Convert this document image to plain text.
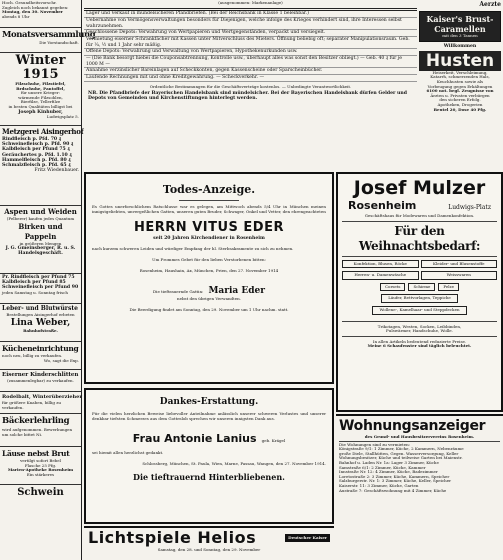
Hoch. Gesundheitsvorschr.
Zugleich noch bekannt gegeben:
Montag, den 30. November
abends 8 Uhr
Monatsversammlung
Die Vorstandschaft.
Winter 1915
Filzschuhe, Filzstiefel,
Brdschuhe, Pantoffel,
für unsere Krieger:
wärmende Filzsohlen,
Bierfilze, Tellerfilze
in besten Qualitäten billigst bei
Joseph Kinhuber,
Ludwigsplatz 5.
Metzgerei Aisingerhof
Rindfleisch p. Pfd. 70 ₰
Schweinefleisch p. Pfd. 90 ₰
Kalbfleisch per Pfund 75 ₰
Geräuchertes p. Pfd. 1.10 ₰
Hammelfleisch p. Pfd. 80 ₰
Schmalzfleisch p. Pfd. 65 ₰
Fritz Wiedenbauer.
Aspen und Weiden
(Felberer) kaufen jedes Quantum
Birken und Pappeln
in größeren Mengen
J. G. Gmeinsberger, R. u. S.
Handelsgeschäft.
Pr. Rindfleisch per Pfund 75
Kalbfleisch per Pfund 85
Schweinefleisch per Pfund 90
jeden Samstag u. Sonntag frisch
Leber- und Blutwürste
Bestellungen Aisingerhof erbeten
Lina Weber,
Bahnhofstraße.
Kücheneinrichtung
noch neu, billig zu verkaufen.
Wo, sagt die Exp.
Eiserner Kinderschlitten
(zusammenlegbar) zu verkaufen.
Rodelbalt, Winterüberzieher
für größere Knaben, billig zu verkaufen.
Bäckerlehrling
wird aufgenommen. Bewerbungen
um solche bittet Ni.
Läuse nebst Brut
vertilgt sofort Bebel
Flasche 25 Pfg.
Marien-Apotheke Rosenheim
Ein stärkeres
Schwein
(ausgenommen: Markenanlage)
Lager und Verkauf in mündelsicheren Pfandbriefen. (Bei der Reichsbank in Klasse 1 beleihbar.)
Uebernahme von Vermögensverwaltungen besonders für Diejenigen, welche infolge des Krieges verhindert sind, ihre Interessen selbst wahrzunehmen.
Geschlossene Depots: Verwahrung von Wertpapieren und Wertgegenständen, verpackt und versiegelt.
Vermietung eiserner Schrankfächer mit Kassen unter Mitverschluss des Mieters. Öffnung beliebig oft; separater Manipulationsraum. Geb. für ¼, ½ und 1 Jahr sehr mäßig.
Offene Depots: Verwahrung und Verwaltung von Wertpapieren, Hypothekenurkunden usw.
— (Die Bank besorgt hiebei die Couponsabtrennung, Kontrolle usw., überhaupt alles was sonst den Besitzer obliegt.) — Geb. 40 ₰ für je 1000 M —
Annahme verzinslicher Bareinlagen auf Scheckkonten, gegen Kassenscheine oder Sparscheinbücher.
Laufende Rechnungen mit und ohne Kreditgewährung. — Scheckverkehr. —
Ordentliche Bestimmungen für die Geschäftsverträge kostenlos. — Unbedingte Verantwortlichkeit.
NB. Die Pfandbriefe der Bayerischen Handelsbank sind mündelsicher. Bei der Bayerischen Handelsbank dürfen Gelder und Depots von Gemeinden und Kirchenstiftungen hinterlegt werden.
Todes-Anzeige.
Es Gottes unerforschlichem Ratschlusse war es gelegen, am Mittwoch abends 5/4 Uhr in München meinen innigstgeliebten, unvergeßlichen Gatten, unseren guten Bruder, Schwager, Onkel und Vetter, den ehrengeachteten
HERRN VITUS EDER
seit 20 Jahren Kirchendiener in Rosenheim
nach kurzem schweren Leiden und würdiger Empfang der hl. Sterbsakramente zu sich zu nehmen.
Um Frommes Gebet für den lieben Verstorbenen bitten:
Rosenheim, Haushain, Ax, München, Prien, den 27. November 1914
Die tieftrauernde Gattin: Maria Eder
nebst den übrigen Verwandten.
Die Beerdigung findet am Sonntag, den 29. November um 1 Uhr nachm. statt.
Josef Mulzer
Rosenheim	Ludwigs-Platz
Geschäftshaus für Modewaren und Damenkonfektion.
Für den Weihnachtsbedarf:
Konfektion, Blusen, Röcke	Kleider- und Blusenstoffe
Herren- u. Damenwäsche	Weisswaren
Corsets	Schirme	Pelze
Läufer, Bettvorlagen, Teppiche
Wollene-, Kamelhaar- und Steppdecken
Trikotagen, Westen, Socken, Leibbinden,
Pulswärmer, Handschuhe, Wolle.
In allen Artikeln bedeutend reduzierte Preise.
Meine 6 Schaufenster sind täglich beleuchtet.
Dankes-Erstattung.
Für die vielen herzlichen Beweise liebevoller Anteilnahme anlässlich unserer schweren Verlustes und unserer denkbar tiefsten Schmerzes aus dem Gotteslob sprechen wir unseren innigsten Dank aus.
Frau Antonie Lanius geb. Krägel
sei hiemit allen herzlichst gedankt.
Schlossberg, München, St. Paula, Wien, Marne, Passau, Wangen, den 27. November 1914.
Die tieftrauernd Hinterbliebenen.
Lichtspiele Helios	Deutscher Kaiser
Samstag, den 28. und Sonntag, den 29. November
Aerzte
Kaiser's Brust-Caramellen
mit den 3 Tannen
Willkommen
Husten
Heiserkeit, Verschleimung,
Katarrh, schmerzenden Hals,
Keuchhusten sowie als
Vorbeugung gegen Erkältungen
6100 not. begl. Zeugnisse von
Ärzten u. Privaten verbürgen
den sicheren Erfolg.
Apotheken, Drogerien
Beutel 20, Dose 40 Pfg.
Wohnungsanzeiger
des Grund- und Hausbesitzervereins Rosenheim.
Die Wohnungen sind zu vermieten:
Königstraße 9/1: 1 Zimmer, Küche, 2 Kammern, Nebenräume
große Diele, Stallhütten, Gegen. Wasserversorgung, Keller
Wohnungsbesitzer, Küche und teilweise Garten bei Maienstr.
Bahnhof u. Laden Nr. 1a: Lager 3 Zimmer, Küche
Samstraße 6/1: 2 Zimmer, Küche, Kammer
Innstraße Nr. 12: 4 Zimmer, Küche, Badezimmer
Loretostraße 2: 3 Zimmer, Küche, Kammern, Speicher
Salzburgerstr. Nr. 1: 3 Zimmer, Küche, Keller, Speicher
Kaiserstr. 11: 3 Zimmer, Küche, Garten
Austraße 7: Geschäftswohnung mit 4 Zimmer, Küche
